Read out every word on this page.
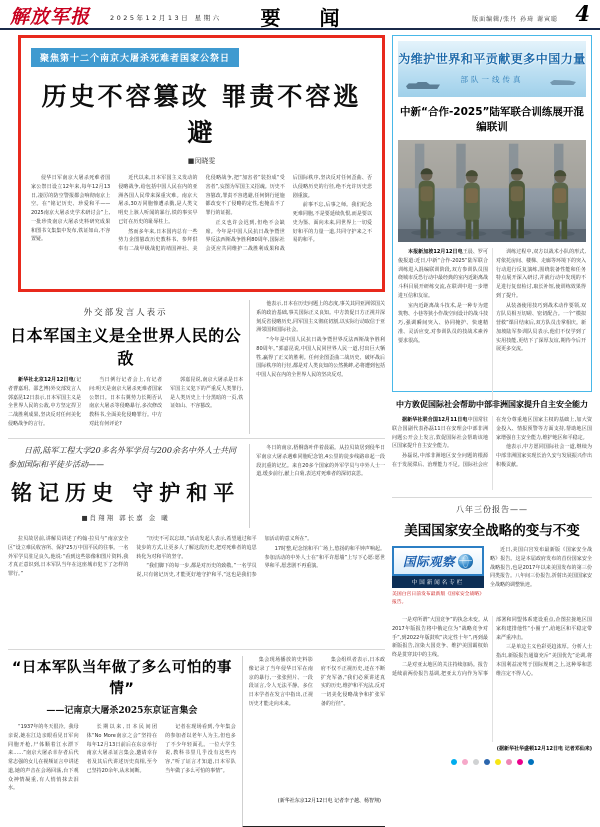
解放军报	2025年12月13日 星期六	要 闻	版面编辑/张丹 孙琦 谢寅聪 4
聚焦第十二个南京大屠杀死难者国家公祭日
历史不容篡改 罪责不容逃避
■闵晓雯

侵华日军南京大屠杀死难者国家公祭日设立12年来,每年12月13日,凄厉的防空警报都会响彻南京上空。在“铭记历史、珍爱和平——2025南京大屠杀史学术研讨会”上,一批珍贵南京大屠杀史料研究成果和图书文集集中发布,铁证如山,不容置疑。

近代以来,日本军国主义发动的侵略战争,给包括中国人民在内的亚洲各国人民带来深重灾难。南京大屠杀,30万同胞惨遭杀戮,是人类文明史上骇人听闻的暴行,铁的事实早已钉在历史的耻辱柱上。

然而多年来,日本国内总有一些势力企图篡改历史教科书、参拜供奉有二战甲级战犯的靖国神社、美化侵略战争,把“加害者”装扮成“受害者”,妄图为军国主义招魂。历史不容篡改,罪责不容逃避,任何倒行逆施都改变不了侵略的定性,也掩盖不了罪行的证据。

正义也许会迟到,但绝不会缺席。今年是中国人民抗日战争暨世界反法西斯战争胜利80周年,国际社会更应共同维护二战胜利成果和战后国际秩序,坚决反对任何歪曲、否认侵略历史的行径,绝不允许历史悲剧重演。

前事不忘,后事之师。我们纪念死难同胞,不是要延续仇恨,而是要以史为鉴、面向未来,同世界上一切爱好和平的力量一道,共同守护来之不易的和平。

外交部发言人表示
日本军国主义是全世界人民的公敌

新华社北京12月12日电(记者曹嘉玥、邵艺博)外交部发言人郭嘉昆12日表示,日本军国主义是全世界人民的公敌,中方坚定捍卫二战胜利成果,坚决反对任何美化侵略战争的言行。

当日例行记者会上,有记者问:明天是南京大屠杀死难者国家公祭日。日本右翼势力长期否认南京大屠杀等侵略暴行,多次修改教科书,全面美化侵略罪行。中方对此有何评论?

郭嘉昆说,南京大屠杀是日本军国主义犯下的严重反人类罪行,是人类历史上十分黑暗的一页,铁证如山、不容篡改。

他表示,日本在历史问题上的态度,事关其同亚洲邻国关系的政治基础,事关国际正义良知。中方敦促日方正视并深刻反省侵略历史,同军国主义彻底切割,以实际行动取信于亚洲邻国和国际社会。

“今年是中国人民抗日战争暨世界反法西斯战争胜利80周年。”郭嘉昆说,中国人民同世界人民一道,付出巨大牺牲,赢得了正义的胜利。任何企图歪曲二战历史、破坏战后国际秩序的行径,都是对人类良知的公然挑衅,必将遭到包括中国人民在内的全世界人民的坚决反对。

日前,陆军工程大学20多名外军学员与200余名中外人士共同参加国际和平徒步活动——
铭记历史 守护和平
■肖翔翔 郭长嘉 金 曦

冬日的南京,梧桐落叶伴着晨霜。从拉贝故居到侵华日军南京大屠杀遇难同胞纪念馆,4公里的徒步线路串起一段段沉重的记忆。来自20多个国家的外军学员与中外人士一道,缓步前行,献上白菊,表达对死难者的深切哀思。

拉贝故居前,讲解员讲述了约翰·拉贝与“南京安全区”设立难民收容所、保护25万中国平民的往事。一名外军学员驻足良久,他说:“看到这些影像和图片资料,我才真正意识到,日本军队当年在这座城市犯下了怎样的罪行。”

“历史不可以忘却。”活动发起人表示,希望通过和平徒步的方式,让更多人了解这段历史,把对死难者的追思转化为对和平的坚守。

“我们脚下的每一步,都是对历史的致敬。”一名学员说,只有铭记历史,才能更好地守护和平,“这也是我们参加活动的意义所在”。

17时整,纪念馆和平广场上,悠扬的和平钟声响起。参加活动的中外人士在“和平许愿墙”上写下心愿:愿世界和平,愿悲剧不再重演。

“日本军队当年做了多么可怕的事情”
——记南京大屠杀2025东京证言集会

“1937年的冬天很冷。我母亲说,她在江边亲眼看见日军向同胞开枪,尸体顺着江水漂下来……”南京大屠杀幸存者后代常志强的女儿在视频证言中讲述道,她的声音在会场回荡,台下观众神情凝重,有人悄悄抹去泪水。

长期以来,日本民间团体“No More南京之会”坚持在每年12月13日前后在东京举行南京大屠杀证言集会,邀请幸存者及其后代讲述历史真相,至今已坚持20余年,从未间断。

记者在现场看到,今年集会的参加者以老年人为主,但也多了不少年轻面孔。一位大学生说,教科书里几乎没有这些内容,“听了证言才知道,日本军队当年做了多么可怕的事情”。

集会现场播放的史料影像记录了当年侵华日军在南京的暴行,一张张照片、一段段证言,令人无法平静。多位日本学者在发言中指出,正视历史才能走向未来。

集会组织者表示,日本政府不仅不正视历史,还在不断扩充军备,“我们必须讲述真实的历史,维护和平宪法,反对一切美化侵略战争和扩张军备的行径”。

(新华社东京12月12日电 记者李子越、杨智翔)
为维护世界和平贡献更多中国力量
部队一线传真
中新“合作-2025”陆军联合训练展开混编联训

本报新加坡12月12日电王晨、罗可俊报道:近日,中新“合作-2025”陆军联合训练进入混编联训阶段,双方参训队员围绕城市反恐行动中最经典的室内近距离战斗科目展开研练交流,在联训中进一步增进互信和友谊。

室内近距离战斗技术,是一种专为建筑物、小巷等狭小作战空间设计的战斗技巧,强调瞬间突入、协同掩护、快速精准、灵活应变,对参训队员的技战术素养要求很高。

训练过程中,双方以战术小队的形式,对依托房间、楼梯、走廊等环境下的突入行动进行反复演练,围绕装备性能和任务特点展开深入研讨,并就行动中发现的不足进行复盘检讨,取长补短,使训练效果得到了提升。

从装备使用技巧到战术动作要领,双方队员相互切磋、密切配合。一个“模拟营救”课目结束后,双方队员击掌相庆。新加坡陆军参训队员表示,他们不仅学到了实用技能,更结下了深厚友谊,期待今后开展更多交流。

中方敦促国际社会帮助中部非洲国家提升自主安全能力

据新华社联合国12月11日电中国常驻联合国副代表孙磊11日在安理会中部非洲问题公开会上发言,敦促国际社会帮助该地区国家提升自主安全能力。

孙磊说,中部非洲地区安全问题的根源在于发展滞后、治理能力不足。国际社会应在充分尊重地区国家主权的基础上,加大资金投入、情报预警等方面支持,帮助地区国家增强自主安全能力,维护地区和平稳定。

他表示,中方愿同国际社会一道,继续为中部非洲国家实现长治久安与发展振兴作出积极贡献。

八年三份报告——
美国国家安全战略的变与不变
国际观察
中国新闻名专栏
美国白宫日前发布最新版《国家安全战略》报告。

近日,美国白宫发布最新版《国家安全战略》报告。这是本届政府发布的首份国家安全战略报告,也是2017年以来美国发布的第三份同类报告。八年间三份报告,折射出美国国家安全战略的调整轨迹。

一是对所谓“大国竞争”的执念未变。从2017年版报告将中俄定位为“战略竞争对手”,到2022年版鼓吹“决定性十年”,再到最新版报告,渲染大国竞争、维护美国霸权始终是贯穿其中的主线。

二是对亚太地区的关注持续加码。报告延续前两份报告基调,把亚太方向作为军事部署和同盟体系建设重点,企图拉拢地区国家构建排他性“小圈子”,给地区和平稳定带来严重冲击。

三是单边主义色彩更趋浓厚。分析人士指出,新版报告通篇充斥“美国优先”论调,将本国利益凌驾于国际规则之上,这种零和思维注定不得人心。

(据新华社华盛顿12月12日电 记者邓仙来)
